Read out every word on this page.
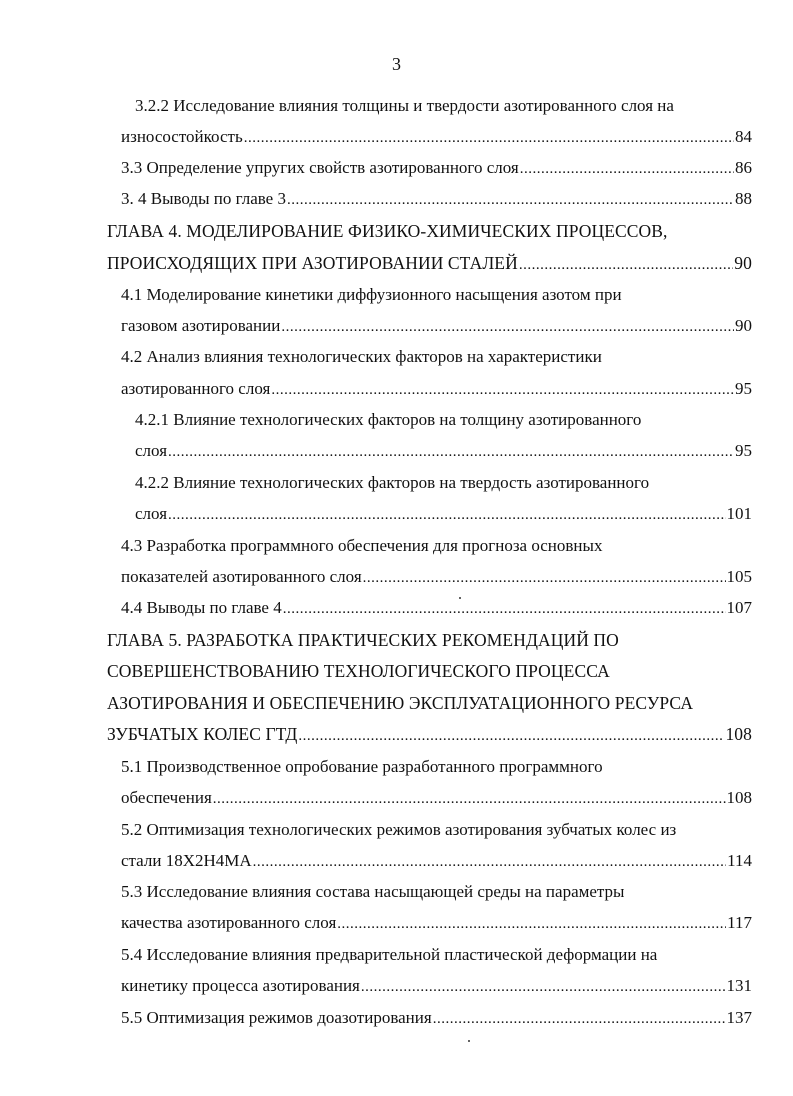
3
3.2.2 Исследование влияния толщины и твердости азотированного слоя на
износостойкость .....	84
3.3 Определение упругих свойств азотированного слоя .....	86
3. 4 Выводы по главе 3 .....	88
ГЛАВА 4. МОДЕЛИРОВАНИЕ ФИЗИКО-ХИМИЧЕСКИХ ПРОЦЕССОВ,
ПРОИСХОДЯЩИХ ПРИ АЗОТИРОВАНИИ СТАЛЕЙ .....	90
4.1 Моделирование кинетики диффузионного насыщения азотом при
газовом азотировании .....	90
4.2 Анализ влияния технологических факторов на характеристики
азотированного слоя .....	95
4.2.1 Влияние технологических факторов на толщину азотированного
слоя .....	95
4.2.2 Влияние технологических факторов на твердость азотированного
слоя .....	101
4.3 Разработка программного обеспечения для прогноза основных
показателей азотированного слоя .....	105
4.4 Выводы по главе 4 .....	107
ГЛАВА 5. РАЗРАБОТКА ПРАКТИЧЕСКИХ РЕКОМЕНДАЦИЙ ПО
СОВЕРШЕНСТВОВАНИЮ ТЕХНОЛОГИЧЕСКОГО ПРОЦЕССА
АЗОТИРОВАНИЯ И ОБЕСПЕЧЕНИЮ ЭКСПЛУАТАЦИОННОГО РЕСУРСА
ЗУБЧАТЫХ КОЛЕС ГТД .....	108
5.1 Производственное опробование разработанного программного
обеспечения .....	108
5.2 Оптимизация технологических режимов азотирования зубчатых колес из
стали 18Х2Н4МА .....	114
5.3 Исследование влияния состава насыщающей среды на параметры
качества азотированного слоя .....	117
5.4 Исследование влияния предварительной пластической деформации на
кинетику процесса азотирования .....	131
5.5 Оптимизация режимов доазотирования .....	137
